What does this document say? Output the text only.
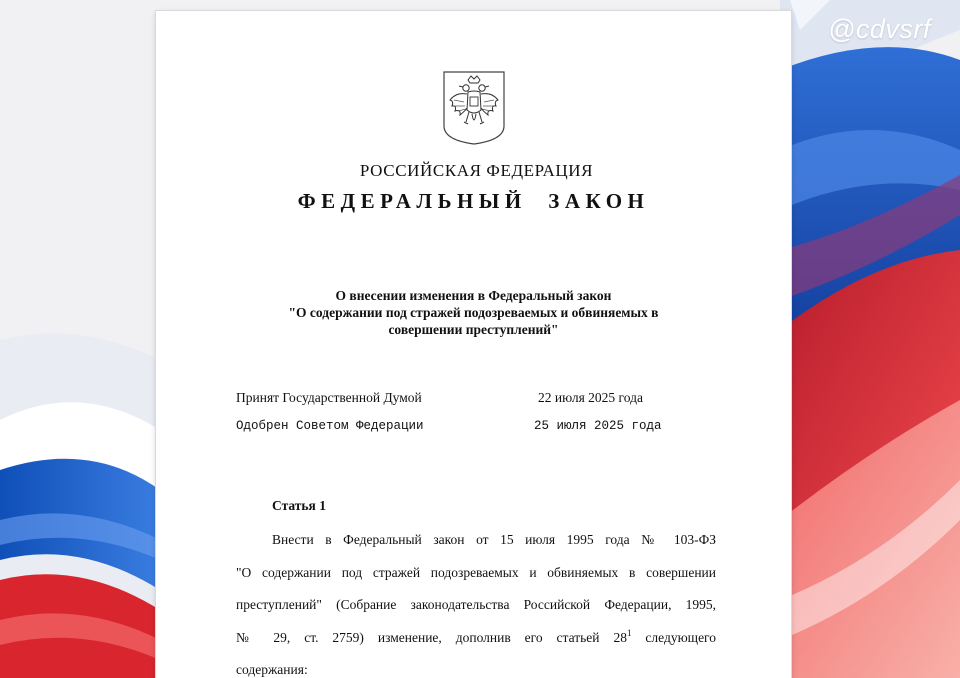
@cdvsrf
РОССИЙСКАЯ ФЕДЕРАЦИЯ
ФЕДЕРАЛЬНЫЙ  ЗАКОН
О внесении изменения в Федеральный закон
"О содержании под стражей подозреваемых и обвиняемых в
совершении преступлений"
Принят Государственной Думой	22 июля 2025 года
Одобрен Советом Федерации	25 июля 2025 года
Статья 1
Внести в Федеральный закон от 15 июля 1995 года № 103-ФЗ
"О содержании под стражей подозреваемых и обвиняемых в совершении
преступлений" (Собрание законодательства Российской Федерации, 1995,
№ 29, ст. 2759) изменение, дополнив его статьей $28^1$ следующего
содержания:
